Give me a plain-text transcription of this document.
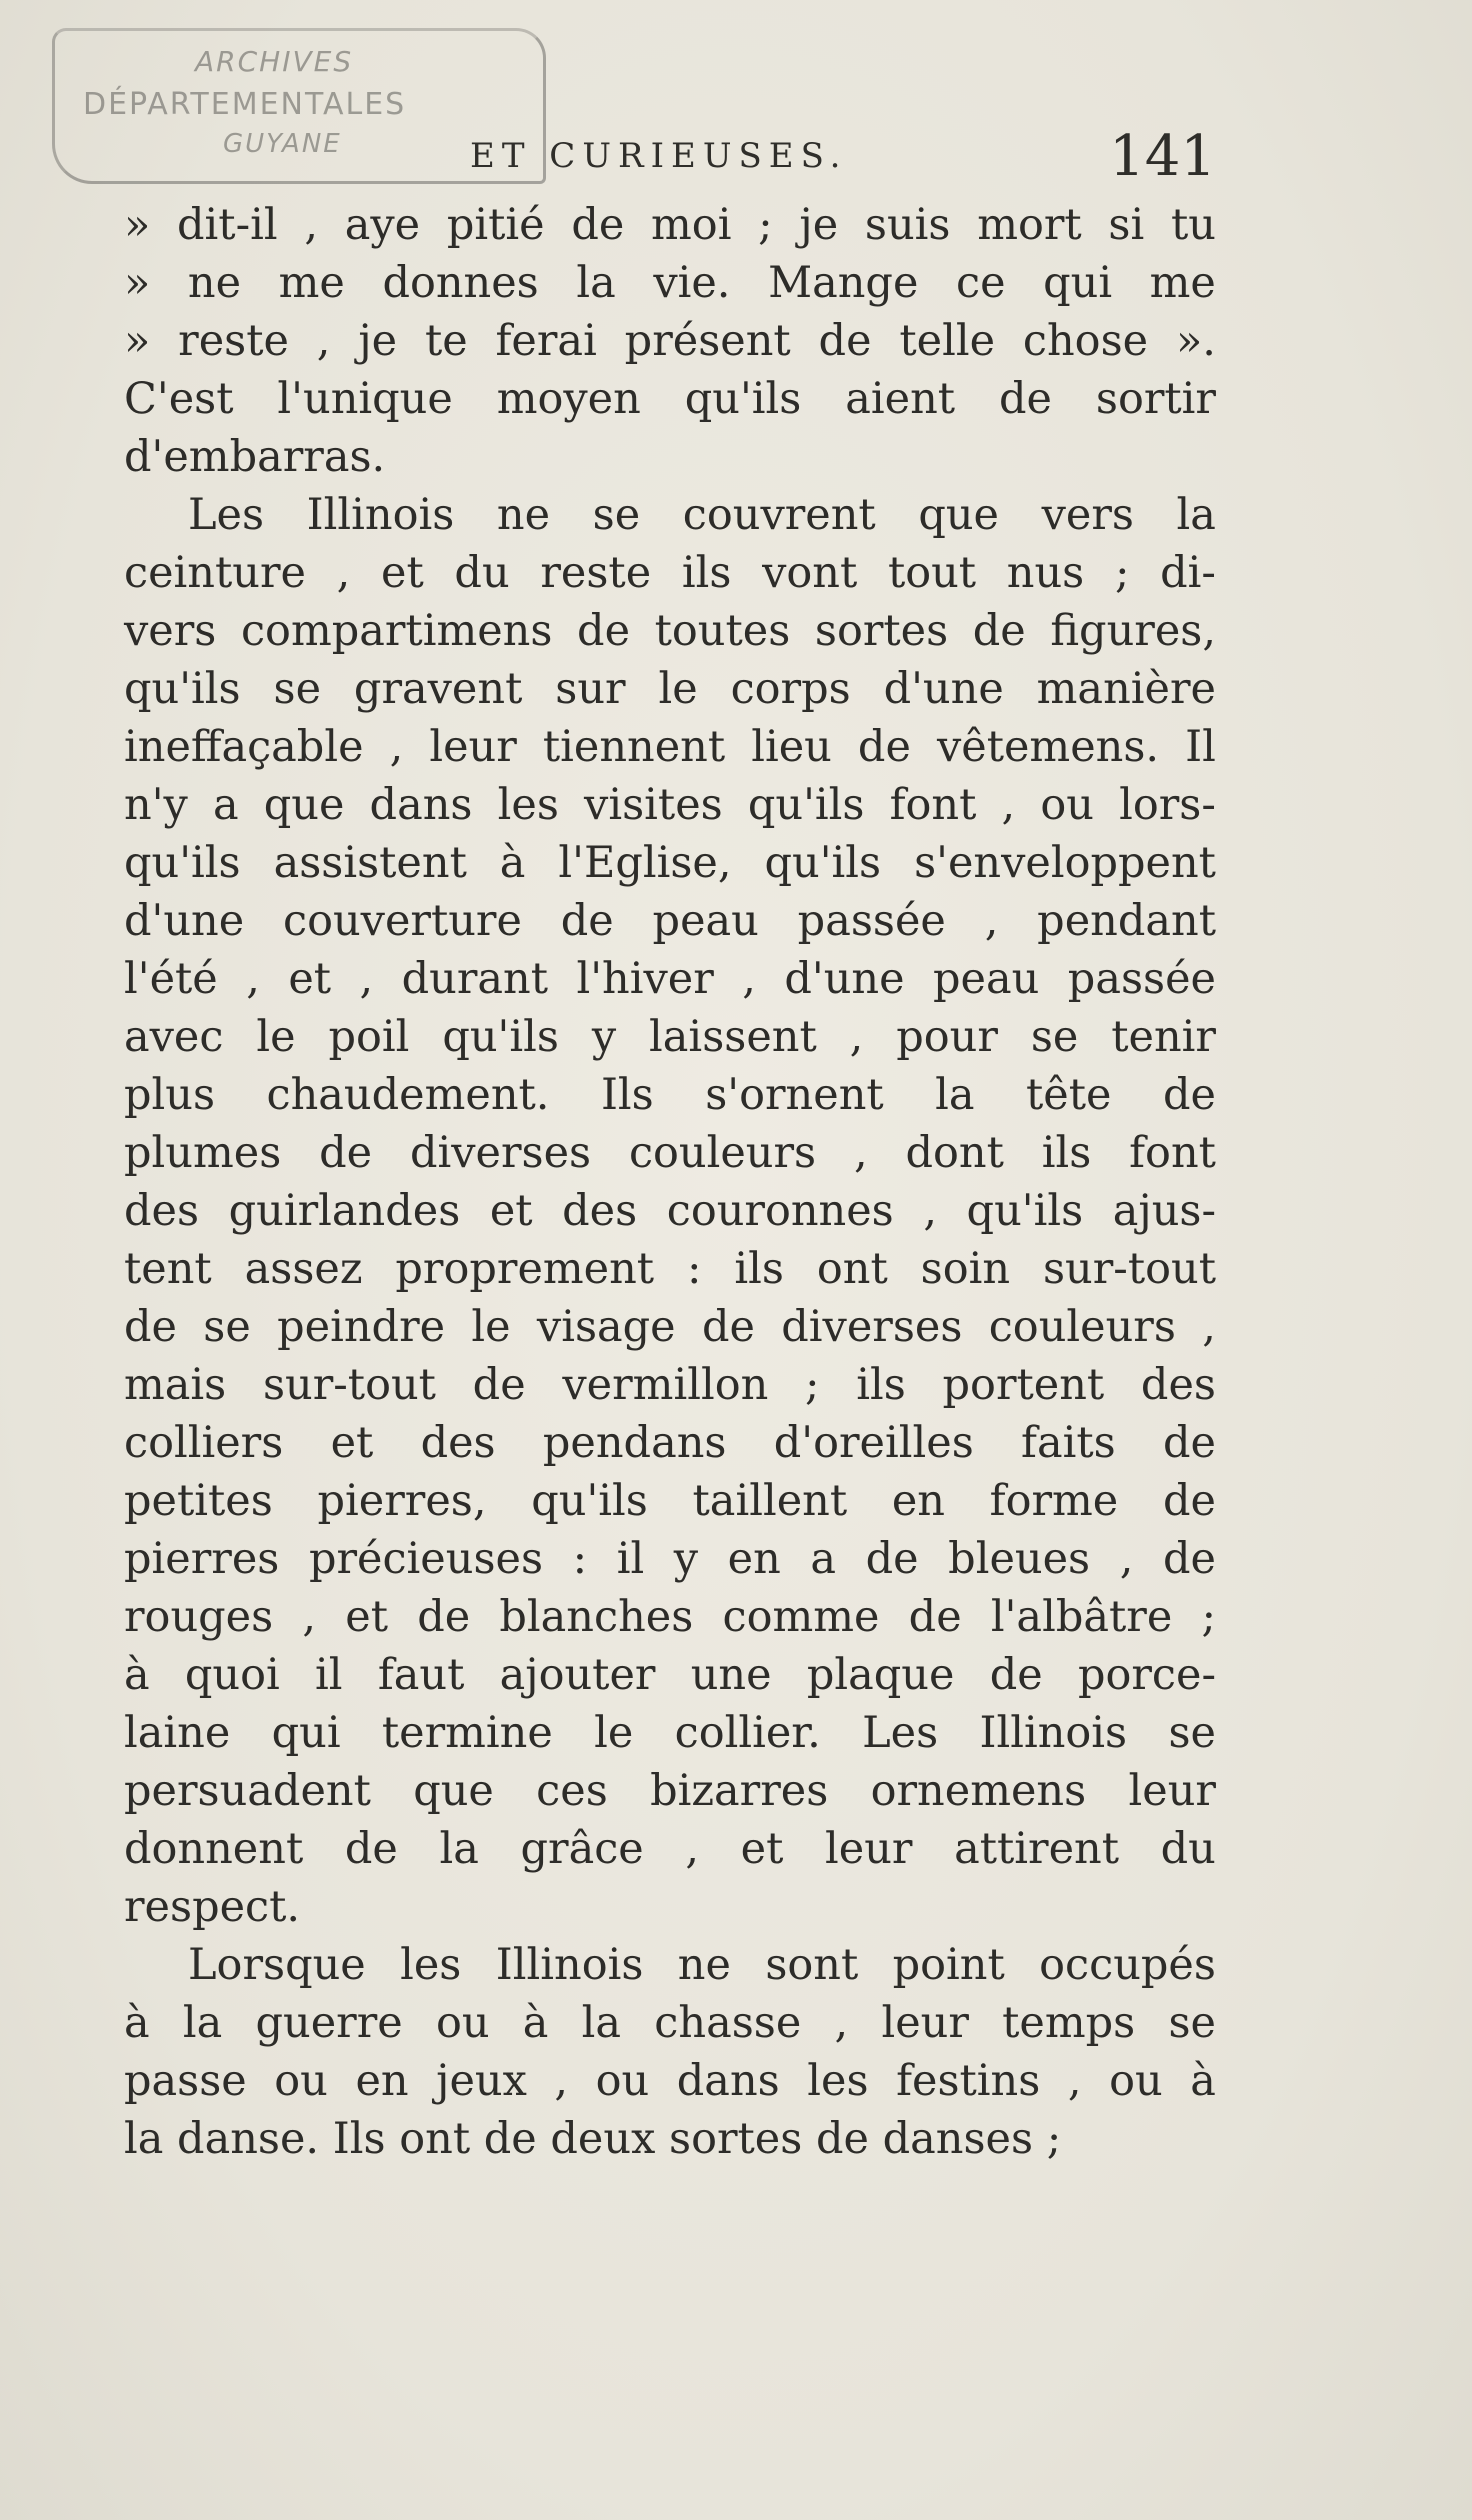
ARCHIVES
DÉPARTEMENTALES
GUYANE	ET CURIEUSES.	141
» dit-il , aye pitié de moi ; je suis mort si tu
» ne me donnes la vie. Mange ce qui me
» reste , je te ferai présent de telle chose ».
C'est l'unique moyen qu'ils aient de sortir
d'embarras.
Les Illinois ne se couvrent que vers la
ceinture , et du reste ils vont tout nus ; di-
vers compartimens de toutes sortes de figures,
qu'ils se gravent sur le corps d'une manière
ineffaçable , leur tiennent lieu de vêtemens. Il
n'y a que dans les visites qu'ils font , ou lors-
qu'ils assistent à l'Eglise, qu'ils s'enveloppent
d'une couverture de peau passée , pendant
l'été , et , durant l'hiver , d'une peau passée
avec le poil qu'ils y laissent , pour se tenir
plus chaudement. Ils s'ornent la tête de
plumes de diverses couleurs , dont ils font
des guirlandes et des couronnes , qu'ils ajus-
tent assez proprement : ils ont soin sur-tout
de se peindre le visage de diverses couleurs ,
mais sur-tout de vermillon ; ils portent des
colliers et des pendans d'oreilles faits de
petites pierres, qu'ils taillent en forme de
pierres précieuses : il y en a de bleues , de
rouges , et de blanches comme de l'albâtre ;
à quoi il faut ajouter une plaque de porce-
laine qui termine le collier. Les Illinois se
persuadent que ces bizarres ornemens leur
donnent de la grâce , et leur attirent du
respect.
Lorsque les Illinois ne sont point occupés
à la guerre ou à la chasse , leur temps se
passe ou en jeux , ou dans les festins , ou à
la danse. Ils ont de deux sortes de danses ;
